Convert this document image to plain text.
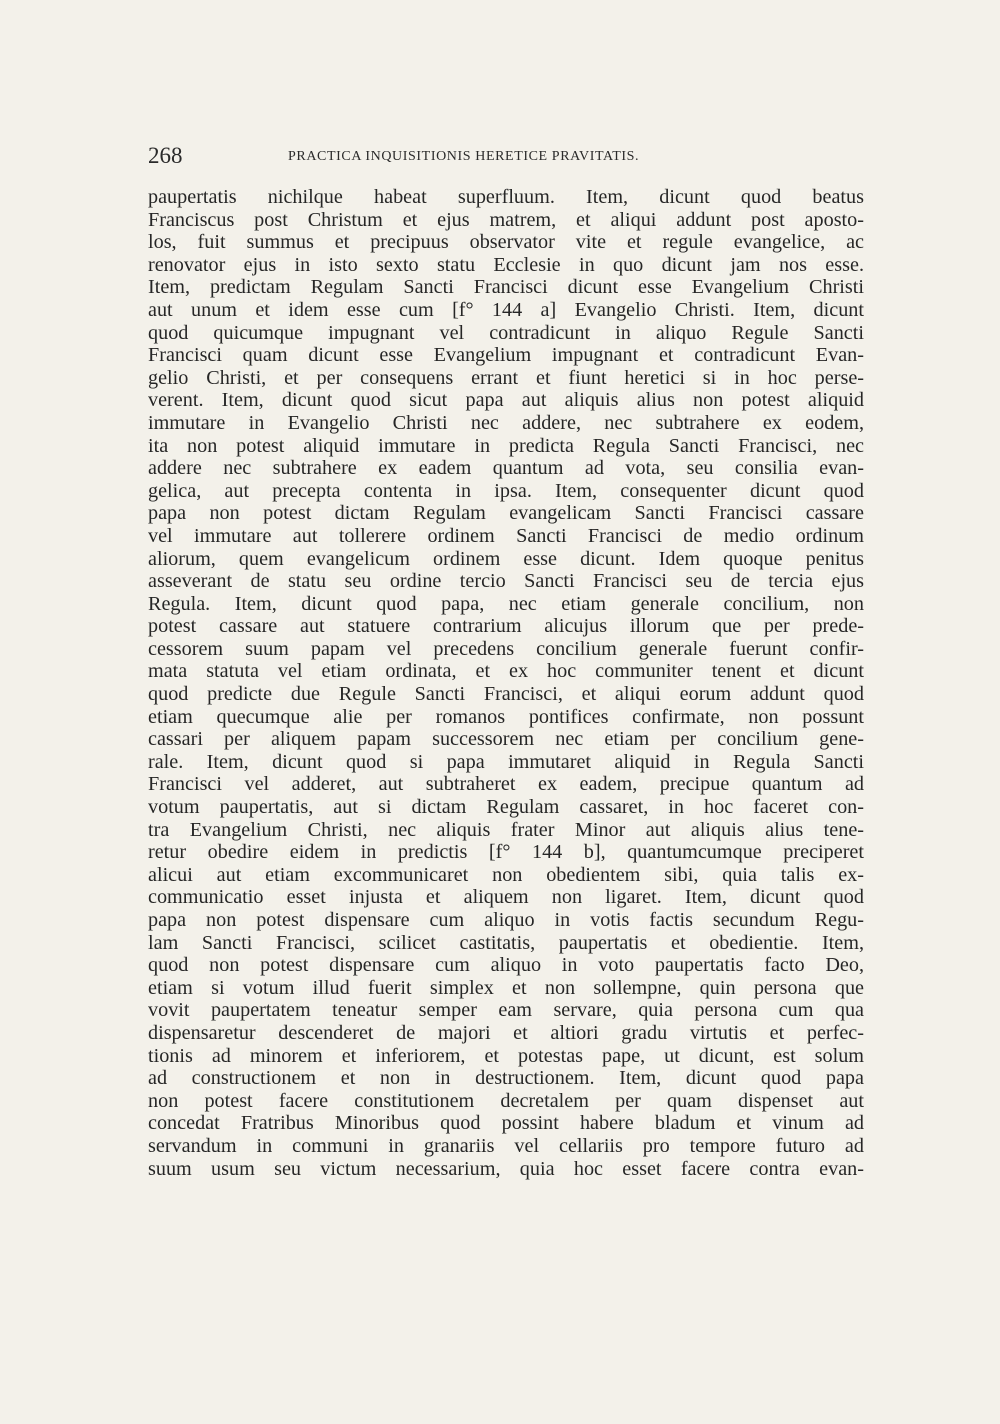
268	PRACTICA INQUISITIONIS HERETICE PRAVITATIS.
paupertatis nichilque habeat superfluum. Item, dicunt quod beatus
Franciscus post Christum et ejus matrem, et aliqui addunt post aposto-
los, fuit summus et precipuus observator vite et regule evangelice, ac
renovator ejus in isto sexto statu Ecclesie in quo dicunt jam nos esse.
Item, predictam Regulam Sancti Francisci dicunt esse Evangelium Christi
aut unum et idem esse cum [f° 144 a] Evangelio Christi. Item, dicunt
quod quicumque impugnant vel contradicunt in aliquo Regule Sancti
Francisci quam dicunt esse Evangelium impugnant et contradicunt Evan-
gelio Christi, et per consequens errant et fiunt heretici si in hoc perse-
verent. Item, dicunt quod sicut papa aut aliquis alius non potest aliquid
immutare in Evangelio Christi nec addere, nec subtrahere ex eodem,
ita non potest aliquid immutare in predicta Regula Sancti Francisci, nec
addere nec subtrahere ex eadem quantum ad vota, seu consilia evan-
gelica, aut precepta contenta in ipsa. Item, consequenter dicunt quod
papa non potest dictam Regulam evangelicam Sancti Francisci cassare
vel immutare aut tollerere ordinem Sancti Francisci de medio ordinum
aliorum, quem evangelicum ordinem esse dicunt. Idem quoque penitus
asseverant de statu seu ordine tercio Sancti Francisci seu de tercia ejus
Regula. Item, dicunt quod papa, nec etiam generale concilium, non
potest cassare aut statuere contrarium alicujus illorum que per prede-
cessorem suum papam vel precedens concilium generale fuerunt confir-
mata statuta vel etiam ordinata, et ex hoc communiter tenent et dicunt
quod predicte due Regule Sancti Francisci, et aliqui eorum addunt quod
etiam quecumque alie per romanos pontifices confirmate, non possunt
cassari per aliquem papam successorem nec etiam per concilium gene-
rale. Item, dicunt quod si papa immutaret aliquid in Regula Sancti
Francisci vel adderet, aut subtraheret ex eadem, precipue quantum ad
votum paupertatis, aut si dictam Regulam cassaret, in hoc faceret con-
tra Evangelium Christi, nec aliquis frater Minor aut aliquis alius tene-
retur obedire eidem in predictis [f° 144 b], quantumcumque preciperet
alicui aut etiam excommunicaret non obedientem sibi, quia talis ex-
communicatio esset injusta et aliquem non ligaret. Item, dicunt quod
papa non potest dispensare cum aliquo in votis factis secundum Regu-
lam Sancti Francisci, scilicet castitatis, paupertatis et obedientie. Item,
quod non potest dispensare cum aliquo in voto paupertatis facto Deo,
etiam si votum illud fuerit simplex et non sollempne, quin persona que
vovit paupertatem teneatur semper eam servare, quia persona cum qua
dispensaretur descenderet de majori et altiori gradu virtutis et perfec-
tionis ad minorem et inferiorem, et potestas pape, ut dicunt, est solum
ad constructionem et non in destructionem. Item, dicunt quod papa
non potest facere constitutionem decretalem per quam dispenset aut
concedat Fratribus Minoribus quod possint habere bladum et vinum ad
servandum in communi in granariis vel cellariis pro tempore futuro ad
suum usum seu victum necessarium, quia hoc esset facere contra evan-
